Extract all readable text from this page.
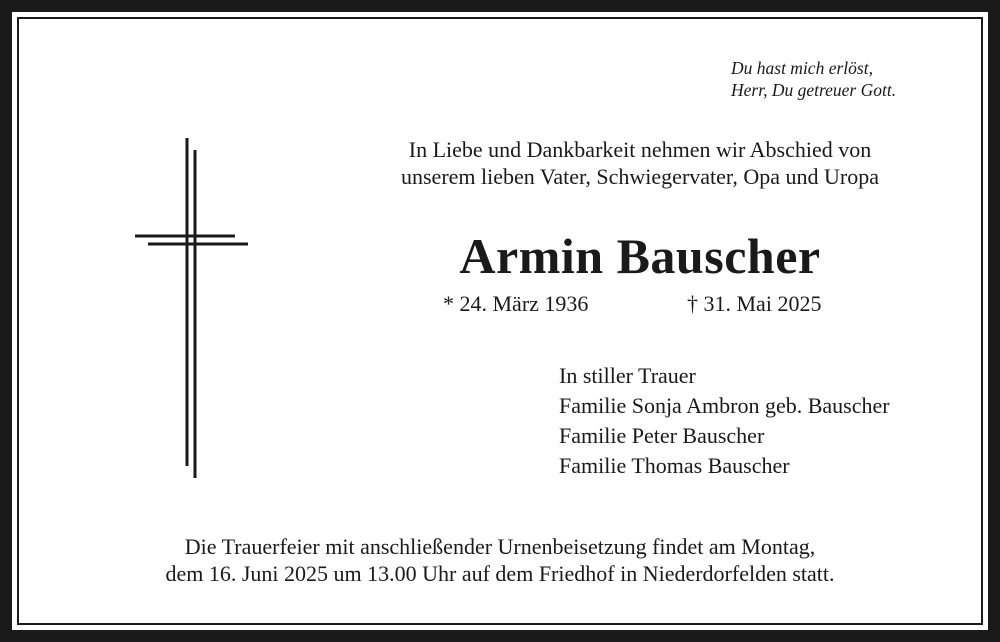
Du hast mich erlöst,
Herr, Du getreuer Gott.
In Liebe und Dankbarkeit nehmen wir Abschied von
unserem lieben Vater, Schwiegervater, Opa und Uropa
Armin Bauscher
* 24. März 1936	† 31. Mai 2025
In stiller Trauer
Familie Sonja Ambron geb. Bauscher
Familie Peter Bauscher
Familie Thomas Bauscher
Die Trauerfeier mit anschließender Urnenbeisetzung findet am Montag,
dem 16. Juni 2025 um 13.00 Uhr auf dem Friedhof in Niederdorfelden statt.
